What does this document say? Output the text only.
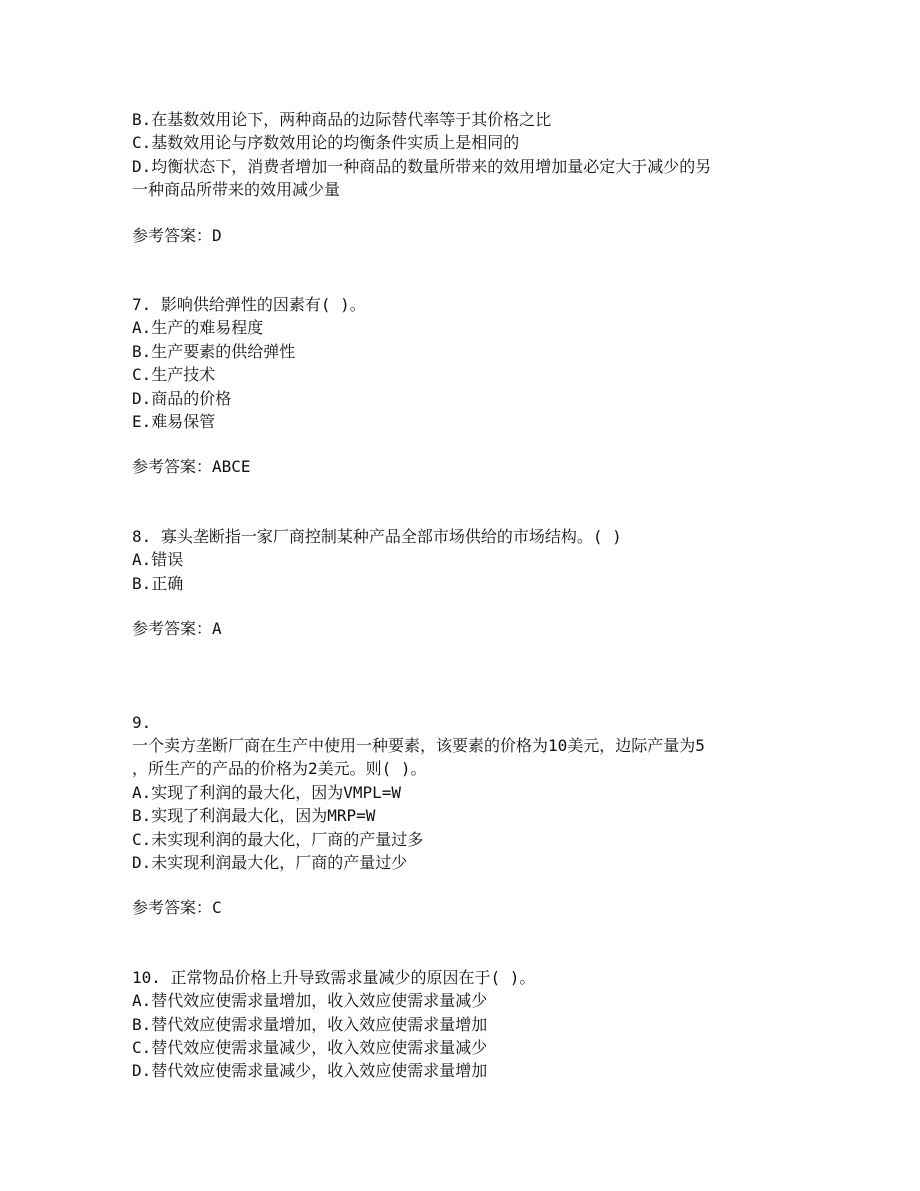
B.在基数效用论下，两种商品的边际替代率等于其价格之比
C.基数效用论与序数效用论的均衡条件实质上是相同的
D.均衡状态下，消费者增加一种商品的数量所带来的效用增加量必定大于减少的另
一种商品所带来的效用减少量
参考答案：D
7. 影响供给弹性的因素有( )。
A.生产的难易程度
B.生产要素的供给弹性
C.生产技术
D.商品的价格
E.难易保管
参考答案：ABCE
8. 寡头垄断指一家厂商控制某种产品全部市场供给的市场结构。( )
A.错误
B.正确
参考答案：A
9.
一个卖方垄断厂商在生产中使用一种要素，该要素的价格为10美元，边际产量为5
，所生产的产品的价格为2美元。则( )。
A.实现了利润的最大化，因为VMPL=W
B.实现了利润最大化，因为MRP=W
C.未实现利润的最大化，厂商的产量过多
D.未实现利润最大化，厂商的产量过少
参考答案：C
10. 正常物品价格上升导致需求量减少的原因在于( )。
A.替代效应使需求量增加，收入效应使需求量减少
B.替代效应使需求量增加，收入效应使需求量增加
C.替代效应使需求量减少，收入效应使需求量减少
D.替代效应使需求量减少，收入效应使需求量增加
